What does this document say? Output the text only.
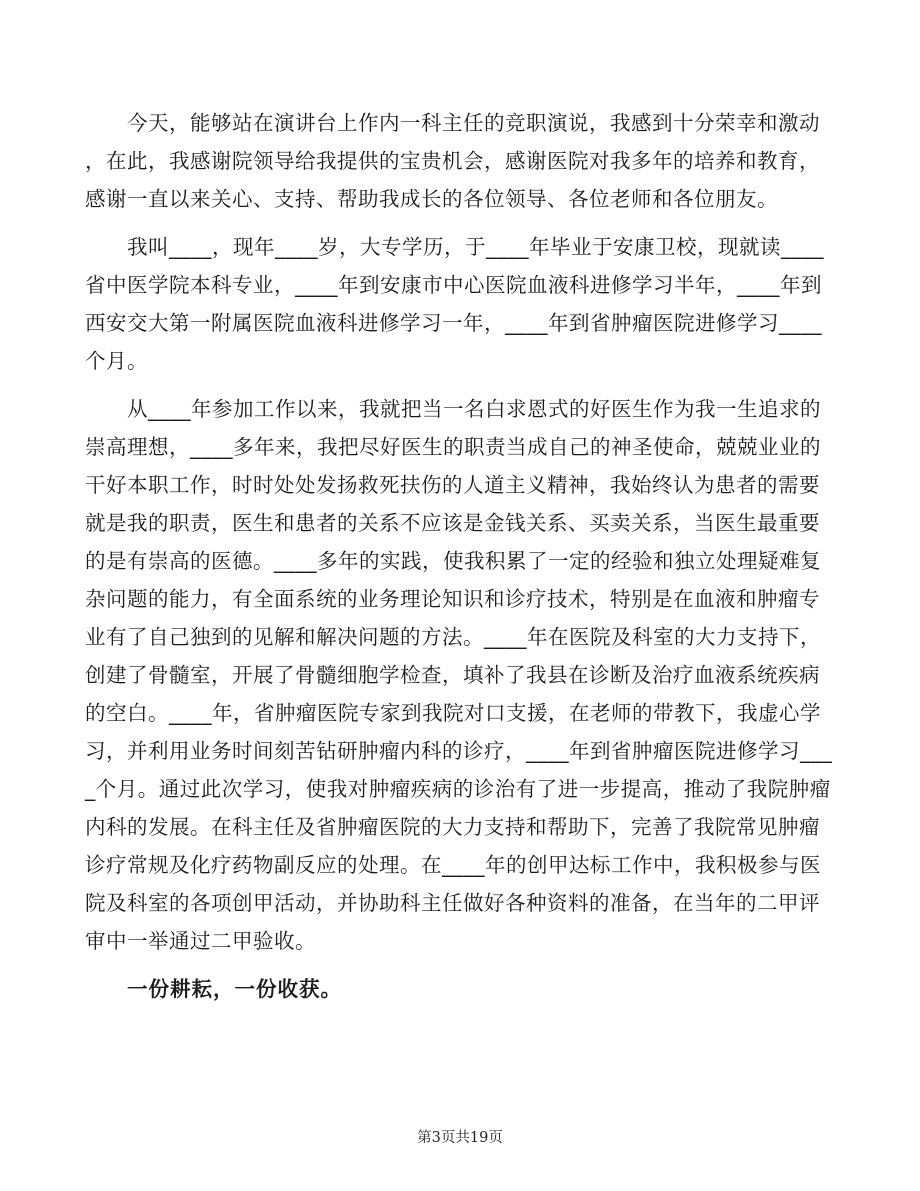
今天，能够站在演讲台上作内一科主任的竞职演说，我感到十分荣幸和激动
，在此，我感谢院领导给我提供的宝贵机会，感谢医院对我多年的培养和教育，
感谢一直以来关心、支持、帮助我成长的各位领导、各位老师和各位朋友。
我叫____，现年____岁，大专学历，于____年毕业于安康卫校，现就读____
省中医学院本科专业，____年到安康市中心医院血液科进修学习半年，____年到
西安交大第一附属医院血液科进修学习一年，____年到省肿瘤医院进修学习____
个月。
从____年参加工作以来，我就把当一名白求恩式的好医生作为我一生追求的
崇高理想，____多年来，我把尽好医生的职责当成自己的神圣使命，兢兢业业的
干好本职工作，时时处处发扬救死扶伤的人道主义精神，我始终认为患者的需要
就是我的职责，医生和患者的关系不应该是金钱关系、买卖关系，当医生最重要
的是有崇高的医德。____多年的实践，使我积累了一定的经验和独立处理疑难复
杂问题的能力，有全面系统的业务理论知识和诊疗技术，特别是在血液和肿瘤专
业有了自己独到的见解和解决问题的方法。____年在医院及科室的大力支持下，
创建了骨髓室，开展了骨髓细胞学检查，填补了我县在诊断及治疗血液系统疾病
的空白。____年，省肿瘤医院专家到我院对口支援，在老师的带教下，我虚心学
习，并利用业务时间刻苦钻研肿瘤内科的诊疗，____年到省肿瘤医院进修学习___
_个月。通过此次学习，使我对肿瘤疾病的诊治有了进一步提高，推动了我院肿瘤
内科的发展。在科主任及省肿瘤医院的大力支持和帮助下，完善了我院常见肿瘤
诊疗常规及化疗药物副反应的处理。在____年的创甲达标工作中，我积极参与医
院及科室的各项创甲活动，并协助科主任做好各种资料的准备，在当年的二甲评
审中一举通过二甲验收。
一份耕耘，一份收获。
第3页共19页
